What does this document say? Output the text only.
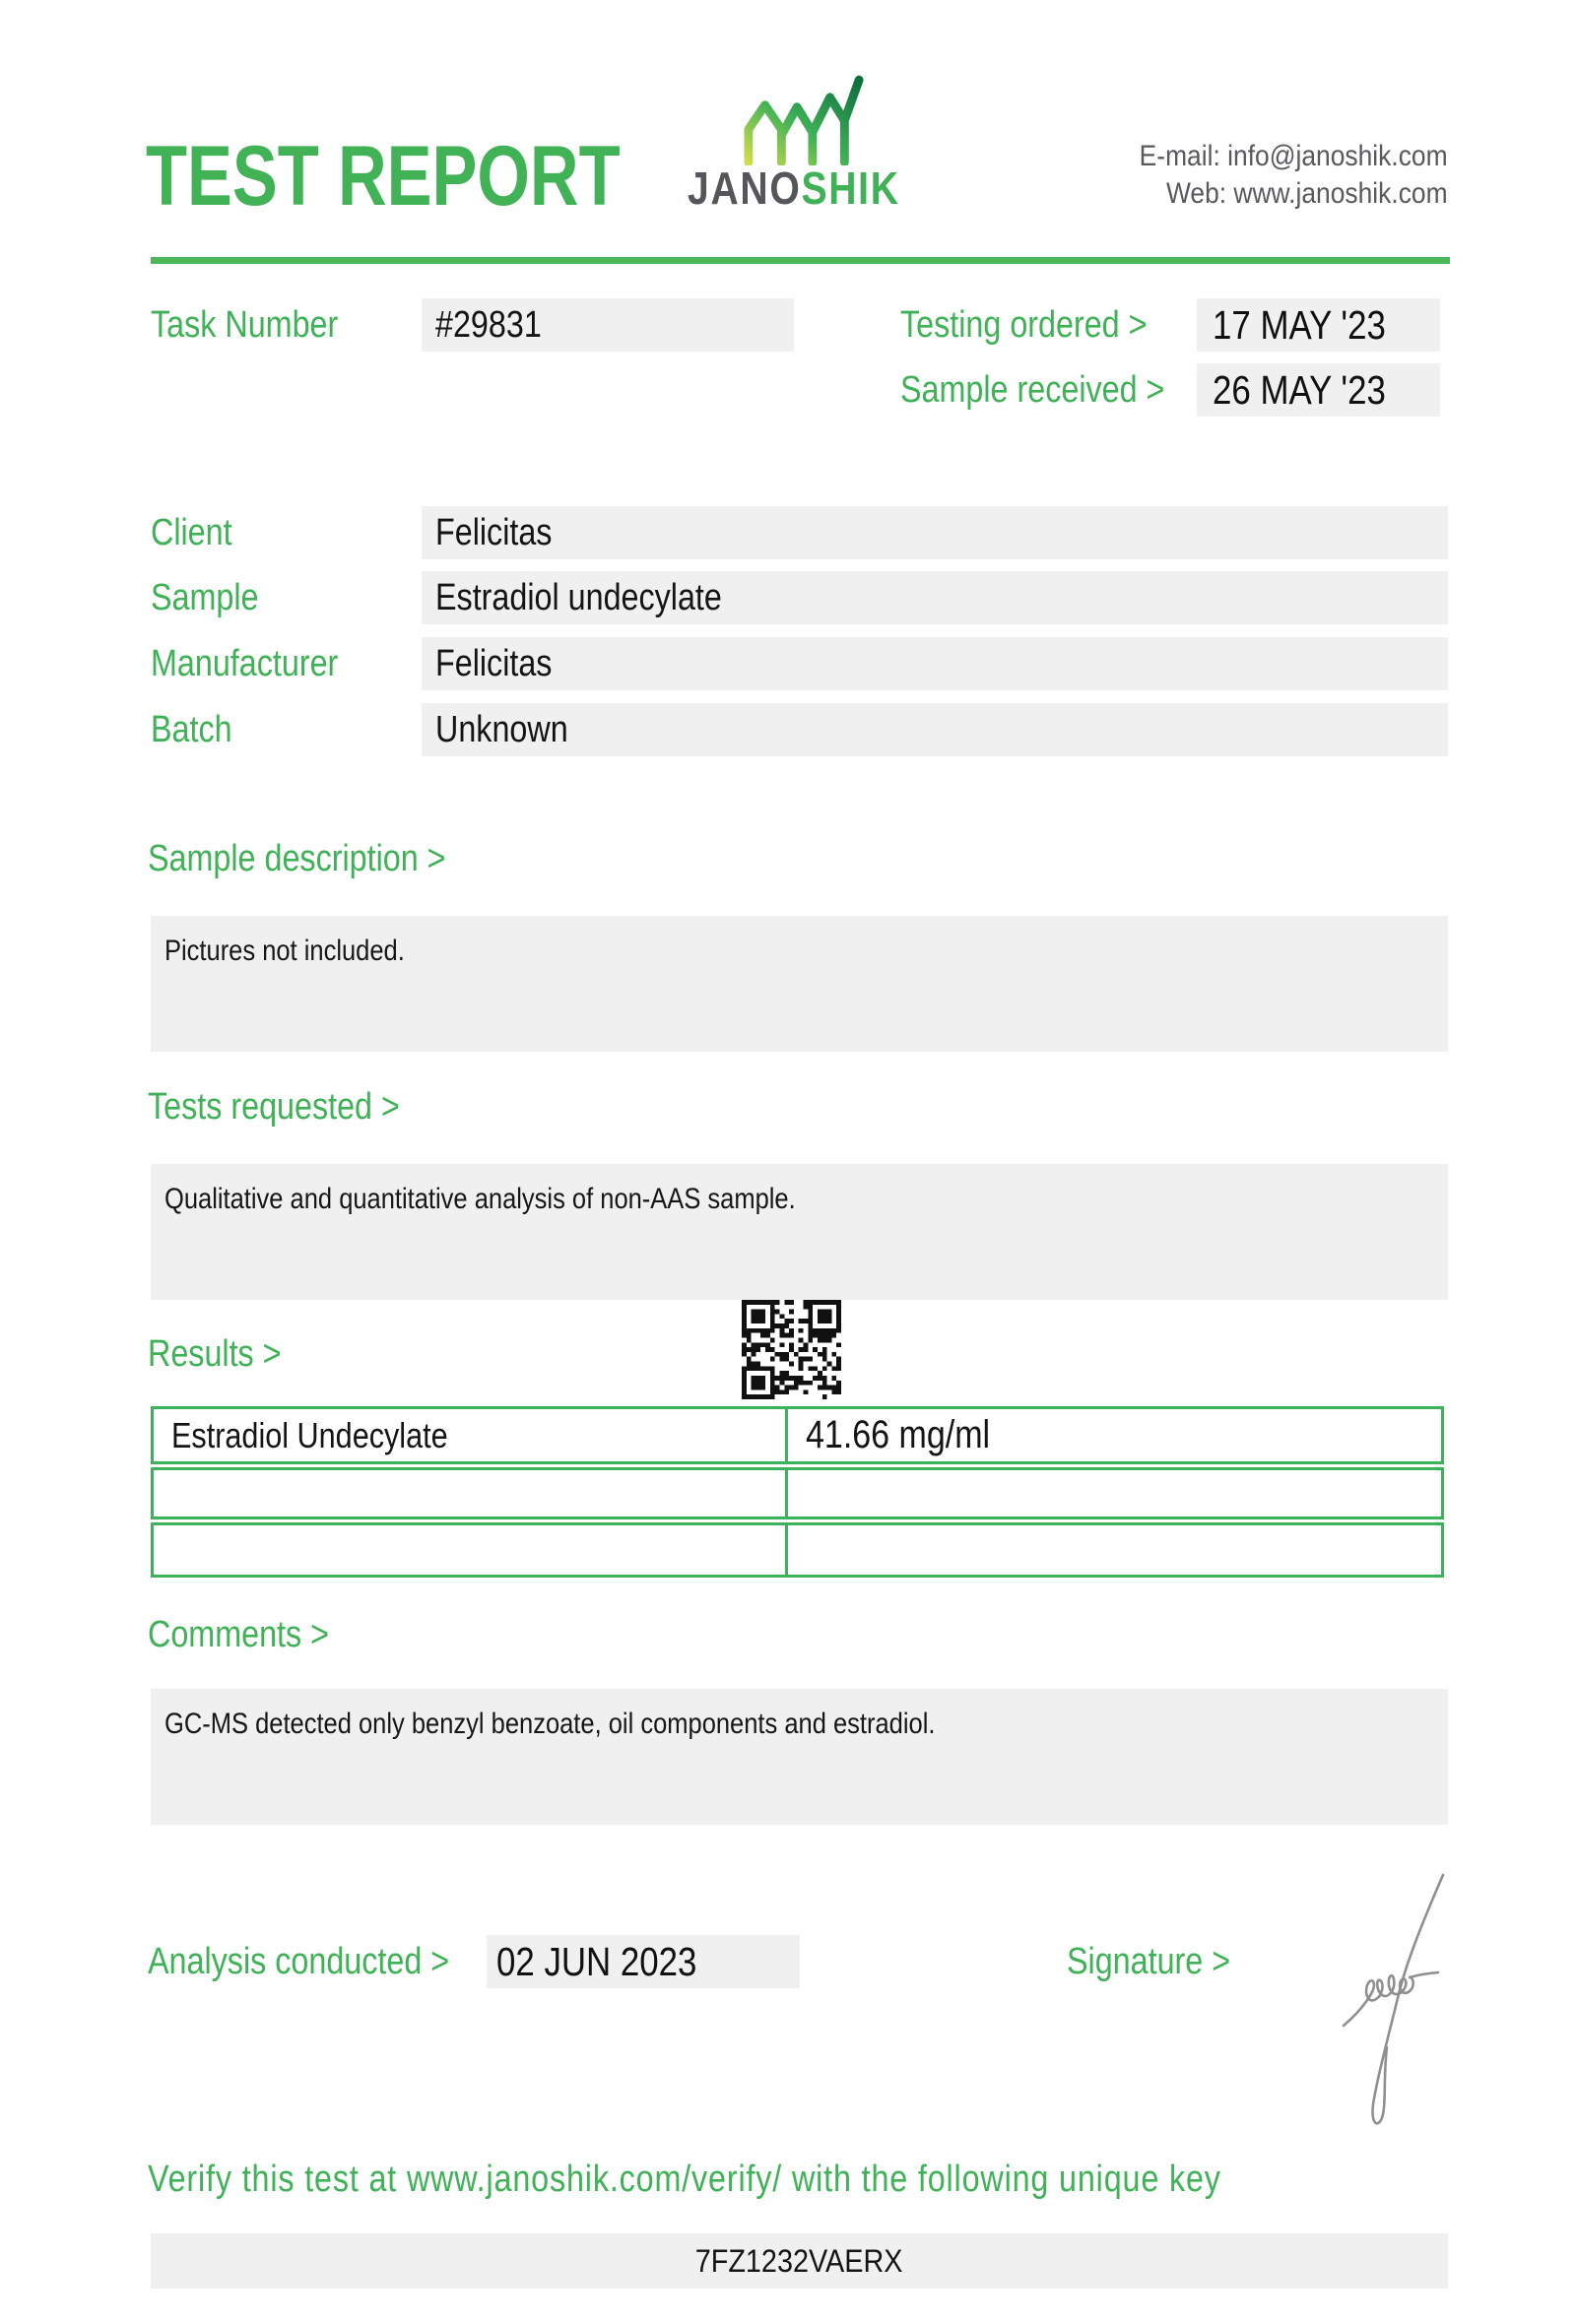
TEST REPORT JANOSHIK
E-mail: info@janoshik.com
Web: www.janoshik.com
Task Number	#29831	Testing ordered >	17 MAY '23
Sample received >	26 MAY '23
Client	Felicitas
Sample	Estradiol undecylate
Manufacturer	Felicitas
Batch	Unknown
Sample description >
Pictures not included.
Tests requested >
Qualitative and quantitative analysis of non-AAS sample.
Results >
Estradiol Undecylate	41.66 mg/ml
Comments >
GC-MS detected only benzyl benzoate, oil components and estradiol.
Analysis conducted >	02 JUN 2023	Signature >
Verify this test at www.janoshik.com/verify/ with the following unique key
7FZ1232VAERX
